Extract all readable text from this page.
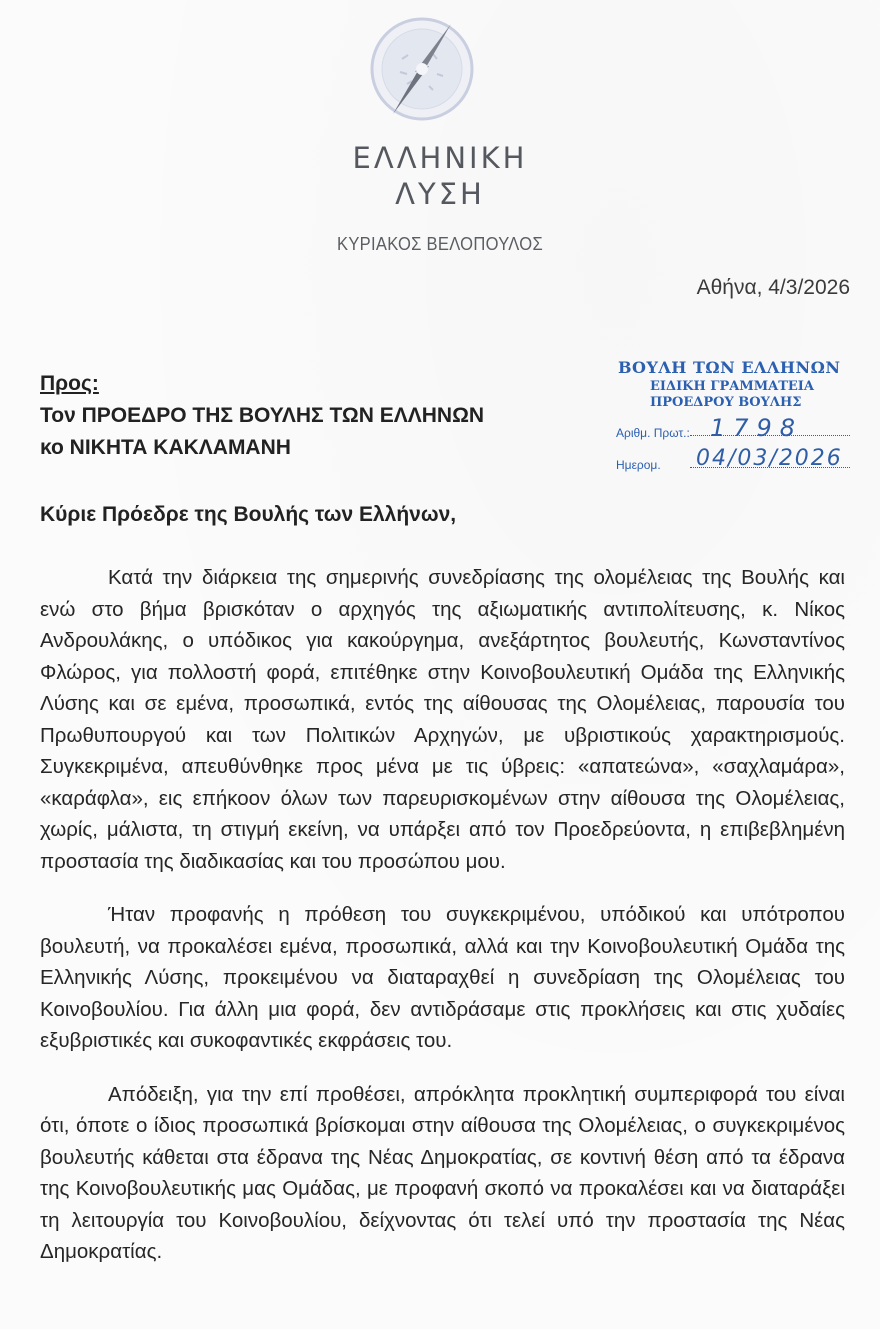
ΕΛΛΗΝΙΚΗ
ΛΥΣΗ
ΚΥΡΙΑΚΟΣ ΒΕΛΟΠΟΥΛΟΣ
Αθήνα, 4/3/2026
ΒΟΥΛΗ ΤΩΝ ΕΛΛΗΝΩΝ
ΕΙΔΙΚΗ ΓΡΑΜΜΑΤΕΙΑ
ΠΡΟΕΔΡΟΥ ΒΟΥΛΗΣ
Αριθμ. Πρωτ.: 1798
Ημερομ. 04/03/2026
Προς:
Τον ΠΡΟΕΔΡΟ ΤΗΣ ΒΟΥΛΗΣ ΤΩΝ ΕΛΛΗΝΩΝ
κο ΝΙΚΗΤΑ ΚΑΚΛΑΜΑΝΗ
Κύριε Πρόεδρε της Βουλής των Ελλήνων,

Κατά την διάρκεια της σημερινής συνεδρίασης της ολομέλειας της Βουλής και ενώ στο βήμα βρισκόταν ο αρχηγός της αξιωματικής αντιπολίτευσης, κ. Νίκος Ανδρουλάκης, ο υπόδικος για κακούργημα, ανεξάρτητος βουλευτής, Κωνσταντίνος Φλώρος, για πολλοστή φορά, επιτέθηκε στην Κοινοβουλευτική Ομάδα της Ελληνικής Λύσης και σε εμένα, προσωπικά, εντός της αίθουσας της Ολομέλειας, παρουσία του Πρωθυπουργού και των Πολιτικών Αρχηγών, με υβριστικούς χαρακτηρισμούς. Συγκεκριμένα, απευθύνθηκε προς μένα με τις ύβρεις: «απατεώνα», «σαχλαμάρα», «καράφλα», εις επήκοον όλων των παρευρισκομένων στην αίθουσα της Ολομέλειας, χωρίς, μάλιστα, τη στιγμή εκείνη, να υπάρξει από τον Προεδρεύοντα, η επιβεβλημένη προστασία της διαδικασίας και του προσώπου μου.

Ήταν προφανής η πρόθεση του συγκεκριμένου, υπόδικού και υπότροπου βουλευτή, να προκαλέσει εμένα, προσωπικά, αλλά και την Κοινοβουλευτική Ομάδα της Ελληνικής Λύσης, προκειμένου να διαταραχθεί η συνεδρίαση της Ολομέλειας του Κοινοβουλίου. Για άλλη μια φορά, δεν αντιδράσαμε στις προκλήσεις και στις χυδαίες εξυβριστικές και συκοφαντικές εκφράσεις του.

Απόδειξη, για την επί προθέσει, απρόκλητα προκλητική συμπεριφορά του είναι ότι, όποτε ο ίδιος προσωπικά βρίσκομαι στην αίθουσα της Ολομέλειας, ο συγκεκριμένος βουλευτής κάθεται στα έδρανα της Νέας Δημοκρατίας, σε κοντινή θέση από τα έδρανα της Κοινοβουλευτικής μας Ομάδας, με προφανή σκοπό να προκαλέσει και να διαταράξει τη λειτουργία του Κοινοβουλίου, δείχνοντας ότι τελεί υπό την προστασία της Νέας Δημοκρατίας.
